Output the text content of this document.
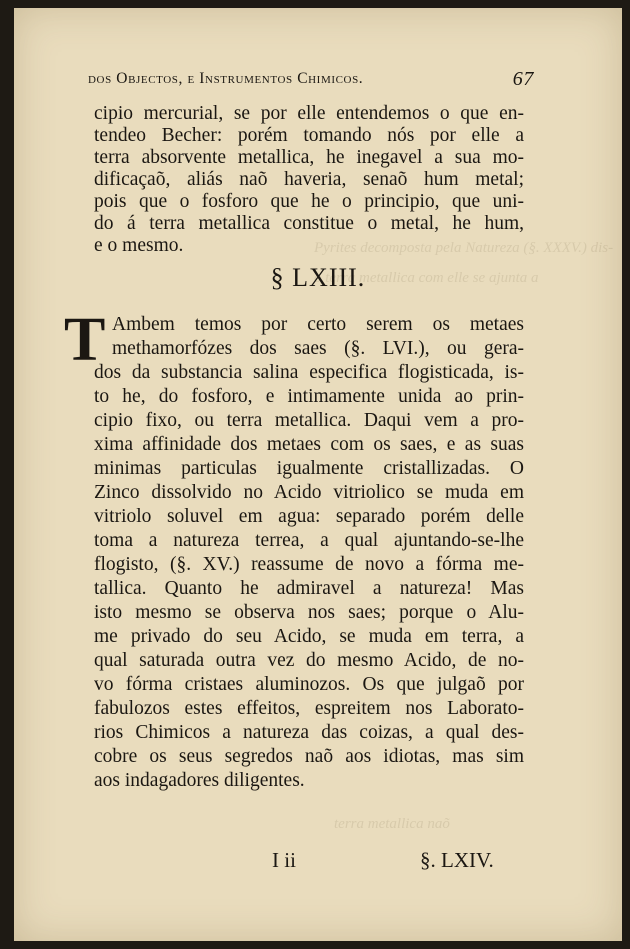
Pyrites decomposta pela Natureza (§. XXXV.) dis-
o terra metallica com elle se ajunta a
terra metallica naõ
dos Objectos, e Instrumentos Chimicos.	67
cipio mercurial, se por elle entendemos o que en-
tendeo Becher: porém tomando nós por elle a
terra absorvente metallica, he inegavel a sua mo-
dificaçaõ, aliás naõ haveria, senaõ hum metal;
pois que o fosforo que he o principio, que uni-
do á terra metallica constitue o metal, he hum,
e o mesmo.
§ LXIII.
T Ambem temos por certo serem os metaes
methamorfózes dos saes (§. LVI.), ou gera-
dos da substancia salina especifica flogisticada, is-
to he, do fosforo, e intimamente unida ao prin-
cipio fixo, ou terra metallica. Daqui vem a pro-
xima affinidade dos metaes com os saes, e as suas
minimas particulas igualmente cristallizadas. O
Zinco dissolvido no Acido vitriolico se muda em
vitriolo soluvel em agua: separado porém delle
toma a natureza terrea, a qual ajuntando-se-lhe
flogisto, (§. XV.) reassume de novo a fórma me-
tallica. Quanto he admiravel a natureza! Mas
isto mesmo se observa nos saes; porque o Alu-
me privado do seu Acido, se muda em terra, a
qual saturada outra vez do mesmo Acido, de no-
vo fórma cristaes aluminozos. Os que julgaõ por
fabulozos estes effeitos, espreitem nos Laborato-
rios Chimicos a natureza das coizas, a qual des-
cobre os seus segredos naõ aos idiotas, mas sim
aos indagadores diligentes.
I ii	§. LXIV.
